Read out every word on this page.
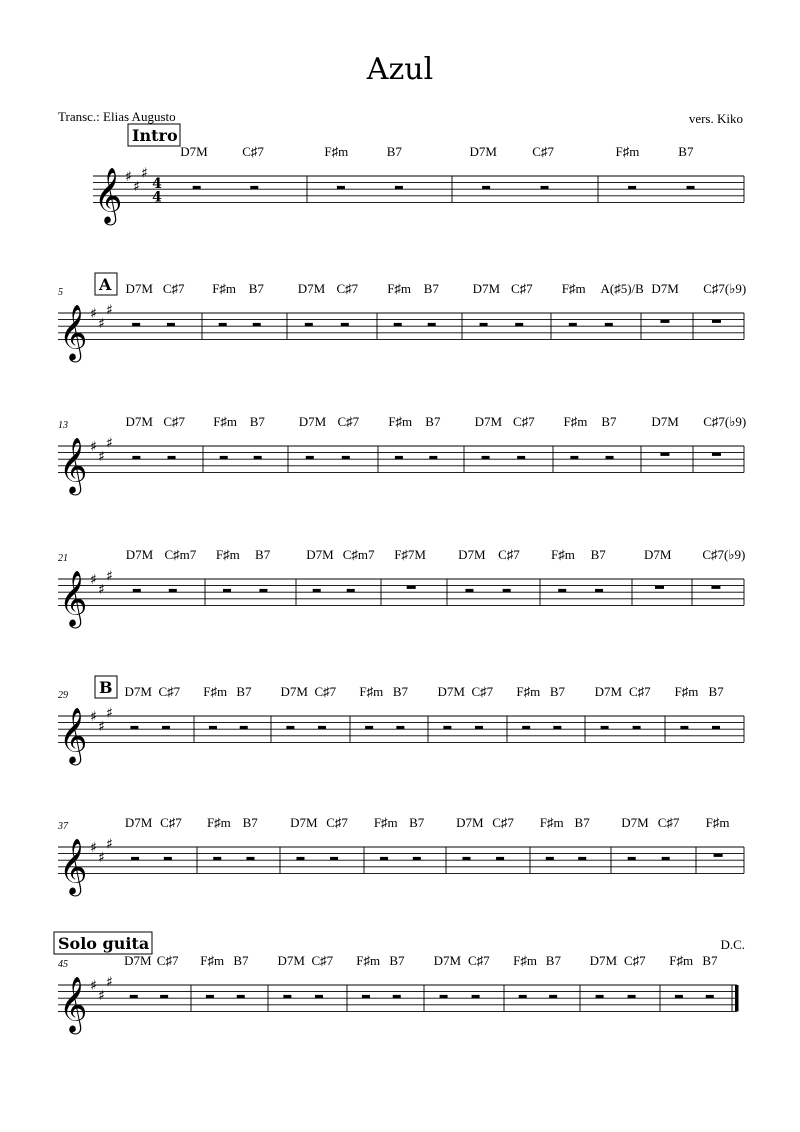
Azul
Transc.: Elias Augusto	vers. Kiko
D.C.
𝄞 ♯
♯
♯
4
4
Intro
D7M	C♯7	F♯m	B7	D7M	C♯7	F♯m	B7
𝄞 ♯
♯
♯
5 A D7M C♯7 F♯m B7	D7M C♯7 F♯m B7	D7M C♯7 F♯m A(♯5)/B D7M C♯7(♭9)
𝄞 ♯
♯
♯
13	D7M C♯7 F♯m B7	D7M C♯7 F♯m B7	D7M C♯7 F♯m B7	D7M C♯7(♭9)
𝄞 ♯
♯
♯
21	D7M C♯m7 F♯m B7	D7M C♯m7 F♯7M D7M C♯7 F♯m B7	D7M C♯7(♭9)
𝄞 ♯
♯
♯
29 B D7M C♯7 F♯m B7 D7M C♯7 F♯m B7 D7M C♯7 F♯m B7 D7M C♯7 F♯m B7
𝄞 ♯
♯
♯
37	D7M C♯7 F♯m B7 D7M C♯7 F♯m B7 D7M C♯7 F♯m B7 D7M C♯7 F♯m
𝄞 ♯
♯
♯
45
Solo guita
D7M C♯7 F♯m B7 D7M C♯7 F♯m B7 D7M C♯7 F♯m B7 D7M C♯7 F♯m B7
